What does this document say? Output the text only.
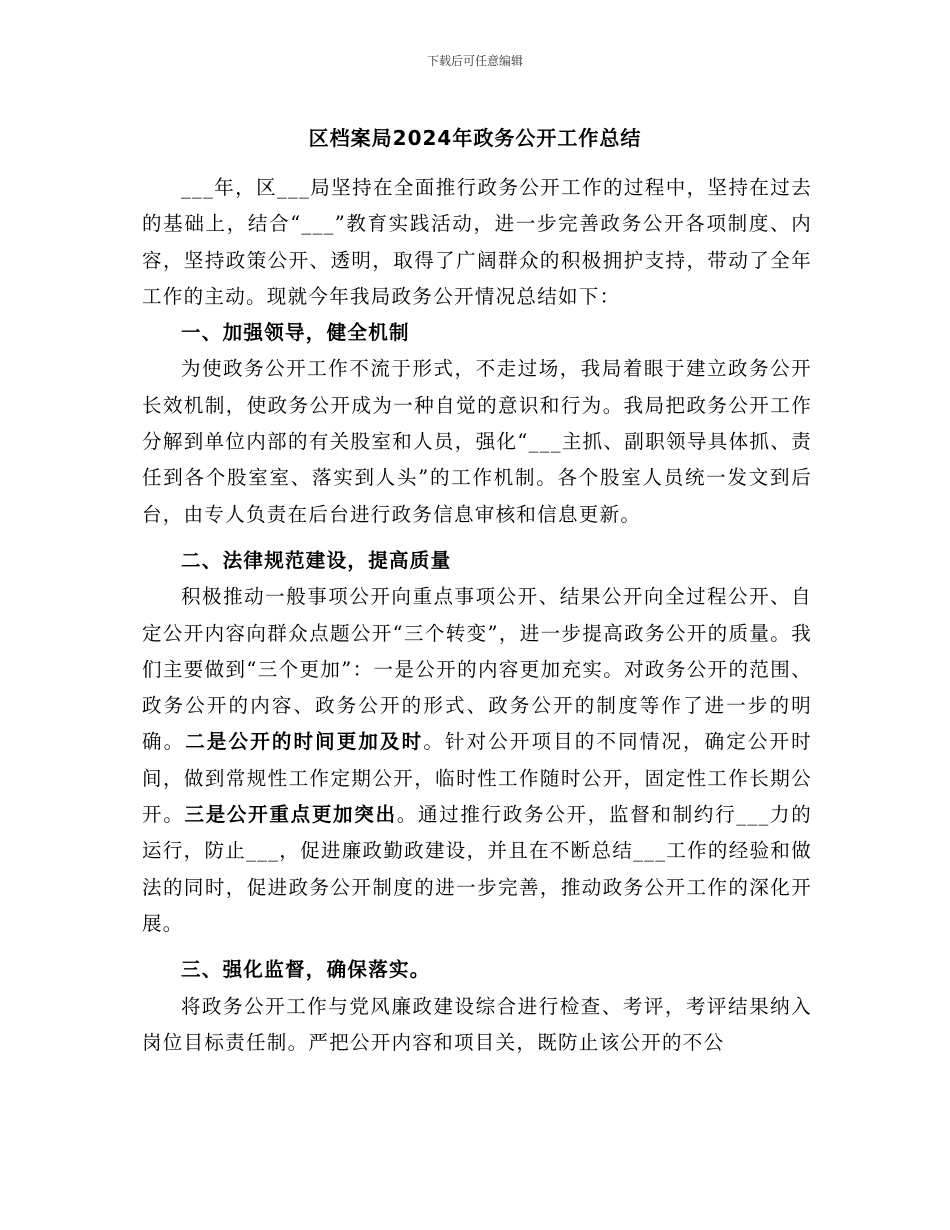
下载后可任意编辑
区档案局2024年政务公开工作总结

___年，区___局坚持在全面推行政务公开工作的过程中，坚持在过去的基础上，结合“___”教育实践活动，进一步完善政务公开各项制度、内容，坚持政策公开、透明，取得了广阔群众的积极拥护支持，带动了全年工作的主动。现就今年我局政务公开情况总结如下：

一、加强领导，健全机制

为使政务公开工作不流于形式，不走过场，我局着眼于建立政务公开长效机制，使政务公开成为一种自觉的意识和行为。我局把政务公开工作分解到单位内部的有关股室和人员，强化“___主抓、副职领导具体抓、责任到各个股室室、落实到人头”的工作机制。各个股室人员统一发文到后台，由专人负责在后台进行政务信息审核和信息更新。

二、法律规范建设，提高质量

积极推动一般事项公开向重点事项公开、结果公开向全过程公开、自定公开内容向群众点题公开“三个转变”，进一步提高政务公开的质量。我们主要做到“三个更加”：一是公开的内容更加充实。对政务公开的范围、政务公开的内容、政务公开的形式、政务公开的制度等作了进一步的明确。二是公开的时间更加及时。针对公开项目的不同情况，确定公开时间，做到常规性工作定期公开，临时性工作随时公开，固定性工作长期公开。三是公开重点更加突出。通过推行政务公开，监督和制约行___力的运行，防止___，促进廉政勤政建设，并且在不断总结___工作的经验和做法的同时，促进政务公开制度的进一步完善，推动政务公开工作的深化开展。

三、强化监督，确保落实。

将政务公开工作与党风廉政建设综合进行检查、考评，考评结果纳入岗位目标责任制。严把公开内容和项目关，既防止该公开的不公
